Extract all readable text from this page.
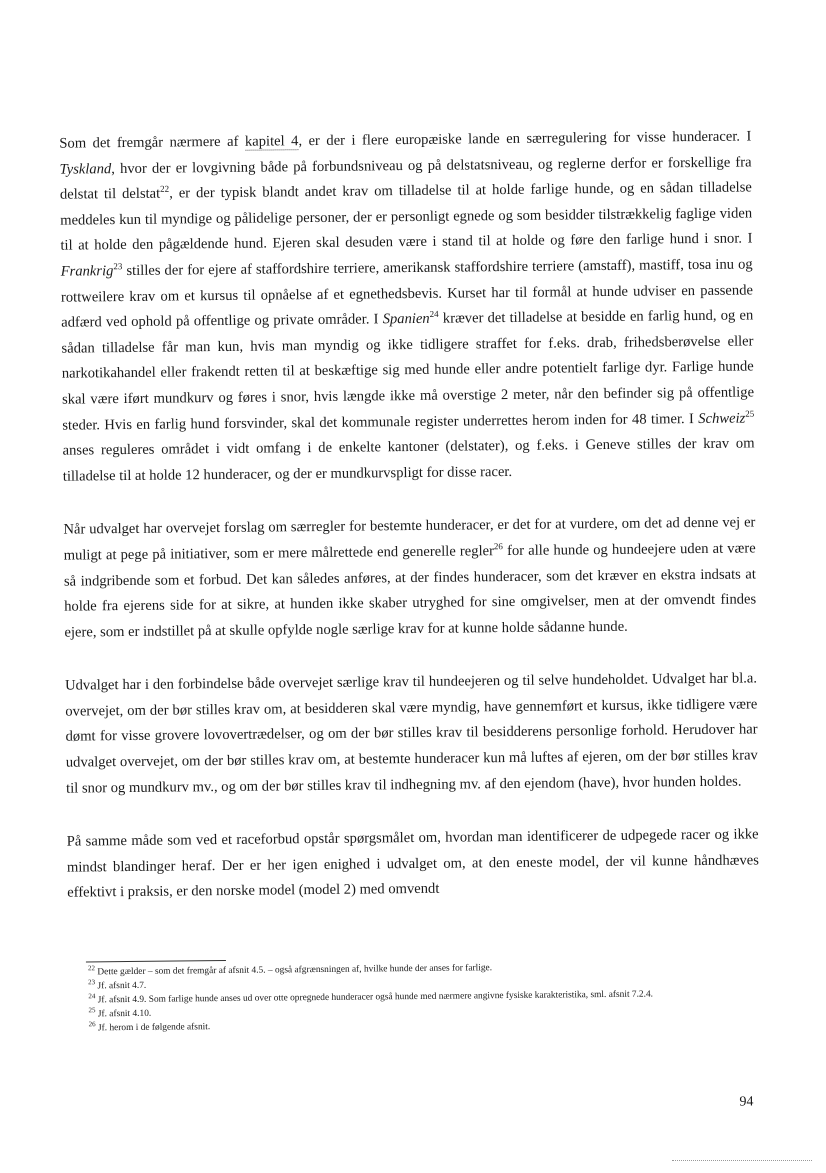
Som det fremgår nærmere af kapitel 4, er der i flere europæiske lande en særregulering for visse hunderacer. I Tyskland, hvor der er lovgivning både på forbundsniveau og på delstatsniveau, og reglerne derfor er forskellige fra delstat til delstat$^{22}$, er der typisk blandt andet krav om tilladelse til at holde farlige hunde, og en sådan tilladelse meddeles kun til myndige og pålidelige personer, der er personligt egnede og som besidder tilstrækkelig faglige viden til at holde den pågældende hund. Ejeren skal desuden være i stand til at holde og føre den farlige hund i snor. I Frankrig$^{23}$ stilles der for ejere af staffordshire terriere, amerikansk staffordshire terriere (amstaff), mastiff, tosa inu og rottweilere krav om et kursus til opnåelse af et egnethedsbevis. Kurset har til formål at hunde udviser en passende adfærd ved ophold på offentlige og private områder. I Spanien$^{24}$ kræver det tilladelse at besidde en farlig hund, og en sådan tilladelse får man kun, hvis man myndig og ikke tidligere straffet for f.eks. drab, frihedsberøvelse eller narkotikahandel eller frakendt retten til at beskæftige sig med hunde eller andre potentielt farlige dyr. Farlige hunde skal være iført mundkurv og føres i snor, hvis længde ikke må overstige 2 meter, når den befinder sig på offentlige steder. Hvis en farlig hund forsvinder, skal det kommunale register underrettes herom inden for 48 timer. I Schweiz$^{25}$ anses reguleres området i vidt omfang i de enkelte kantoner (delstater), og f.eks. i Geneve stilles der krav om tilladelse til at holde 12 hunderacer, og der er mundkurvspligt for disse racer.

Når udvalget har overvejet forslag om særregler for bestemte hunderacer, er det for at vurdere, om det ad denne vej er muligt at pege på initiativer, som er mere målrettede end generelle regler$^{26}$ for alle hunde og hundeejere uden at være så indgribende som et forbud. Det kan således anføres, at der findes hunderacer, som det kræver en ekstra indsats at holde fra ejerens side for at sikre, at hunden ikke skaber utryghed for sine omgivelser, men at der omvendt findes ejere, som er indstillet på at skulle opfylde nogle særlige krav for at kunne holde sådanne hunde.

Udvalget har i den forbindelse både overvejet særlige krav til hundeejeren og til selve hundeholdet. Udvalget har bl.a. overvejet, om der bør stilles krav om, at besidderen skal være myndig, have gennemført et kursus, ikke tidligere være dømt for visse grovere lovovertrædelser, og om der bør stilles krav til besidderens personlige forhold. Herudover har udvalget overvejet, om der bør stilles krav om, at bestemte hunderacer kun må luftes af ejeren, om der bør stilles krav til snor og mundkurv mv., og om der bør stilles krav til indhegning mv. af den ejendom (have), hvor hunden holdes.

På samme måde som ved et raceforbud opstår spørgsmålet om, hvordan man identificerer de udpegede racer og ikke mindst blandinger heraf. Der er her igen enighed i udvalget om, at den eneste model, der vil kunne håndhæves effektivt i praksis, er den norske model (model 2) med omvendt

$^{22}$ Dette gælder – som det fremgår af afsnit 4.5. – også afgrænsningen af, hvilke hunde der anses for farlige.

$^{23}$ Jf. afsnit 4.7.

$^{24}$ Jf. afsnit 4.9. Som farlige hunde anses ud over otte opregnede hunderacer også hunde med nærmere angivne fysiske karakteristika, sml. afsnit 7.2.4.

$^{25}$ Jf. afsnit 4.10.

$^{26}$ Jf. herom i de følgende afsnit.

94
